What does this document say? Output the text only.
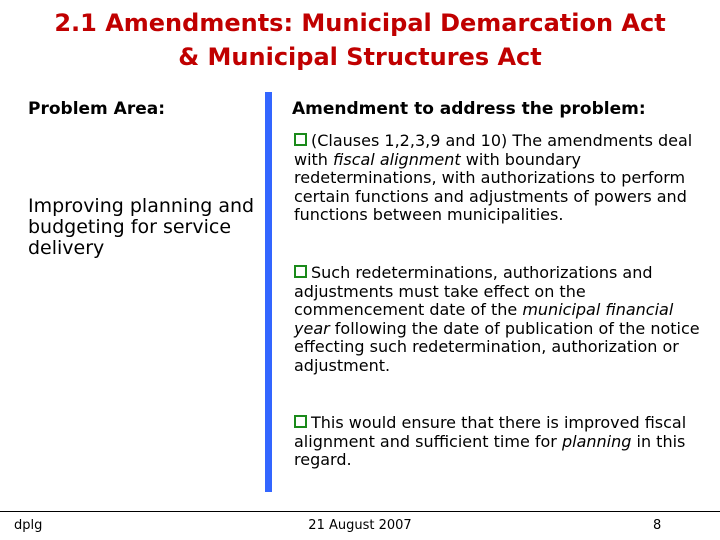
2.1 Amendments: Municipal Demarcation Act
& Municipal Structures Act
Problem Area:
Improving planning and budgeting for service delivery
Amendment to address the problem:
(Clauses 1,2,3,9 and 10) The amendments deal with fiscal alignment with boundary redeterminations, with authorizations to perform certain functions and adjustments of powers and functions between municipalities.
Such redeterminations, authorizations and adjustments must take effect on the commencement date of the municipal financial year following the date of publication of the notice effecting such redetermination, authorization or adjustment.
This would ensure that there is improved fiscal alignment and sufficient time for planning in this regard.
dplg	21 August 2007	8
